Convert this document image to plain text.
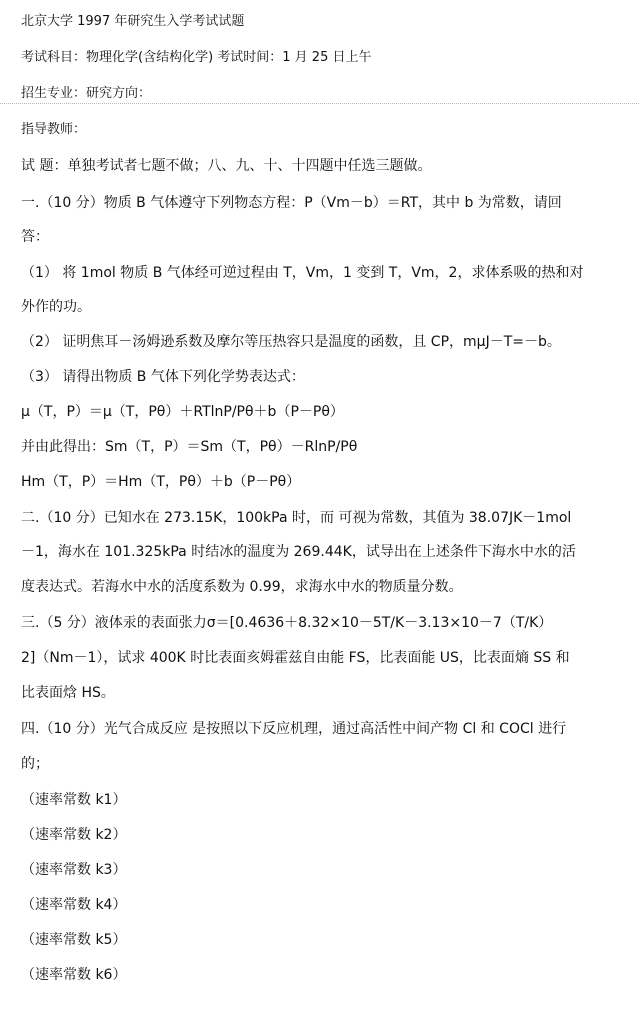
北京大学 1997 年研究生入学考试试题
考试科目：物理化学(含结构化学) 考试时间：1 月 25 日上午
招生专业：研究方向：
指导教师：
试 题：单独考试者七题不做；八、九、十、十四题中任选三题做。
一.（10 分）物质 B 气体遵守下列物态方程：P（Vm－b）＝RT，其中 b 为常数，请回
答：
（1） 将 1mol 物质 B 气体经可逆过程由 T，Vm，1 变到 T，Vm，2，求体系吸的热和对
外作的功。
（2） 证明焦耳－汤姆逊系数及摩尔等压热容只是温度的函数，且 CP，mμJ－T=－b。
（3） 请得出物质 B 气体下列化学势表达式：
μ（T，P）＝μ（T，Pθ）＋RTlnP/Pθ＋b（P－Pθ）
并由此得出：Sm（T，P）＝Sm（T，Pθ）－RlnP/Pθ
Hm（T，P）＝Hm（T，Pθ）＋b（P－Pθ）
二.（10 分）已知水在 273.15K，100kPa 时，而 可视为常数，其值为 38.07JK－1mol
－1，海水在 101.325kPa 时结冰的温度为 269.44K，试导出在上述条件下海水中水的活
度表达式。若海水中水的活度系数为 0.99，求海水中水的物质量分数。
三.（5 分）液体汞的表面张力σ＝[0.4636＋8.32×10－5T/K－3.13×10－7（T/K）
2]（Nm－1），试求 400K 时比表面亥姆霍兹自由能 FS，比表面能 US，比表面熵 SS 和
比表面焓 HS。
四.（10 分）光气合成反应 是按照以下反应机理，通过高活性中间产物 Cl 和 COCl 进行
的；
（速率常数 k1）
（速率常数 k2）
（速率常数 k3）
（速率常数 k4）
（速率常数 k5）
（速率常数 k6）
